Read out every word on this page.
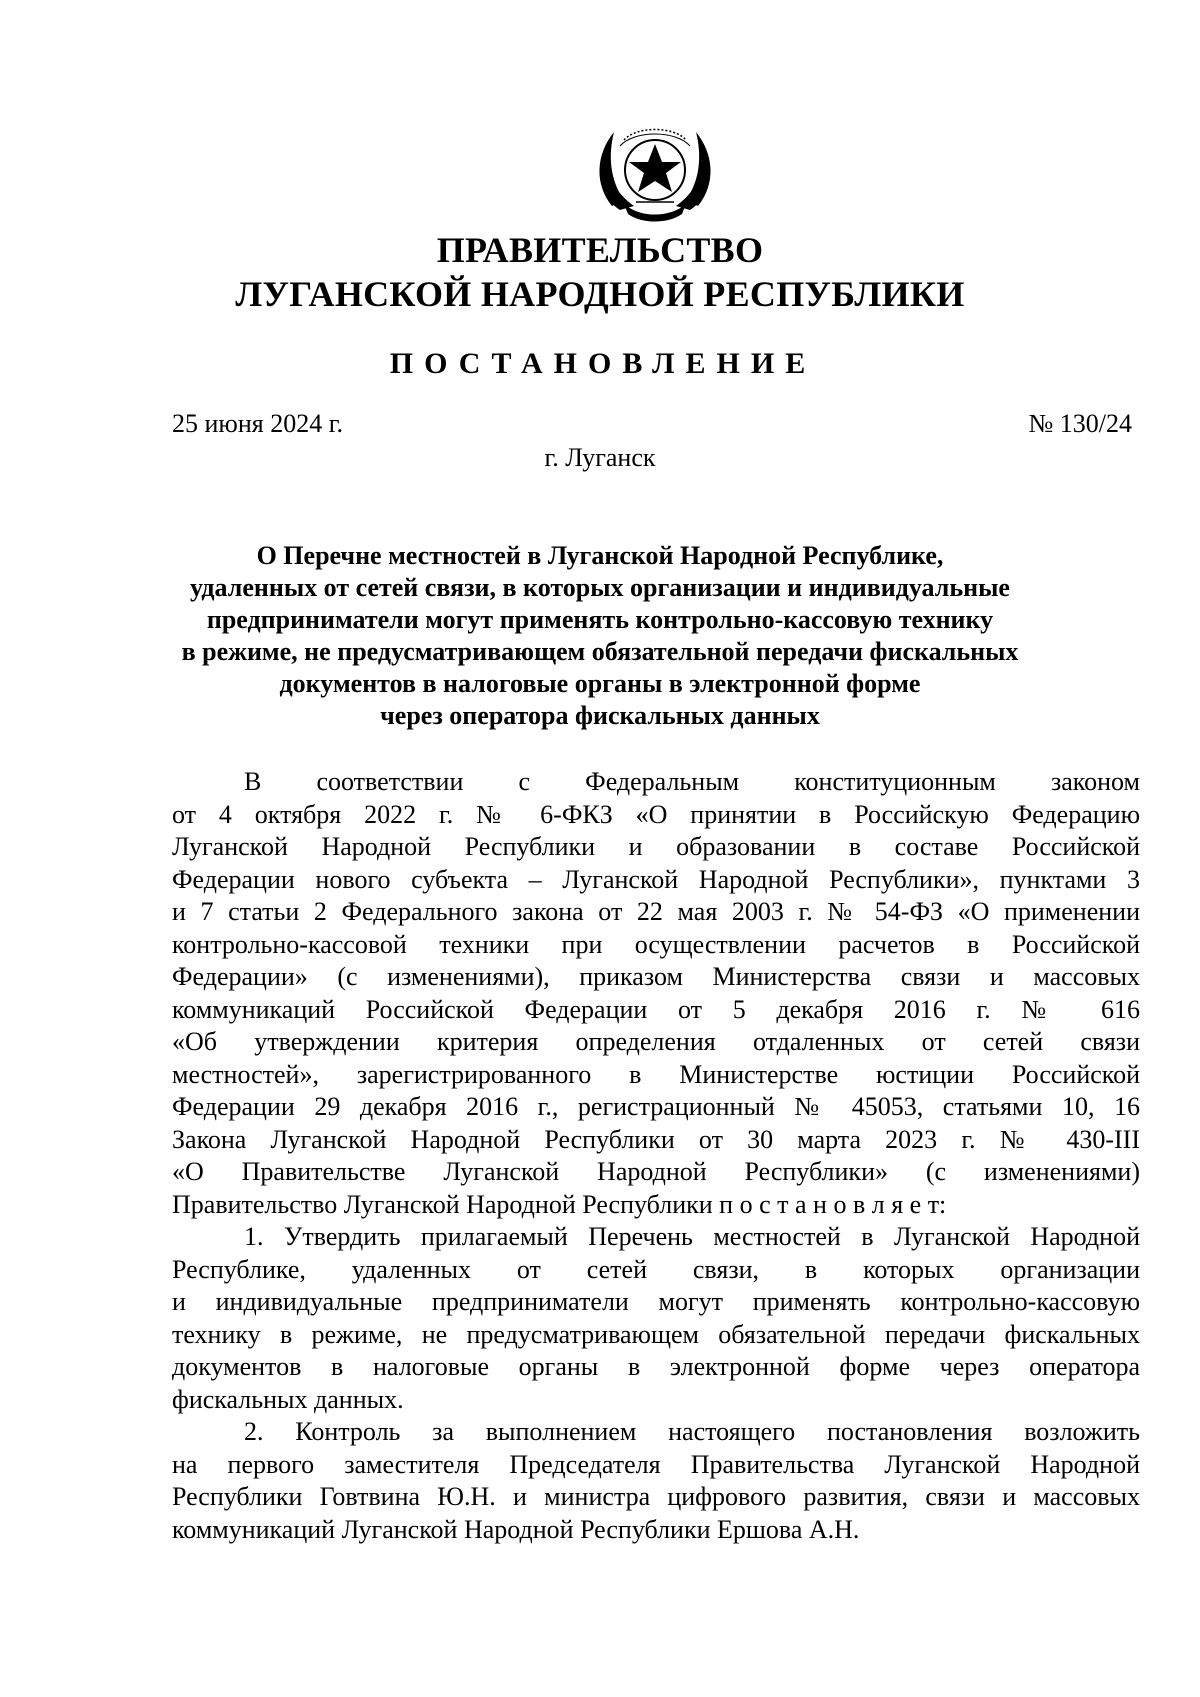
ПРАВИТЕЛЬСТВО
ЛУГАНСКОЙ НАРОДНОЙ РЕСПУБЛИКИ
ПОСТАНОВЛЕНИЕ
25 июня 2024 г.	№ 130/24
г. Луганск
О Перечне местностей в Луганской Народной Республике,
удаленных от сетей связи, в которых организации и индивидуальные
предприниматели могут применять контрольно-кассовую технику
в режиме, не предусматривающем обязательной передачи фискальных
документов в налоговые органы в электронной форме
через оператора фискальных данных
В соответствии с Федеральным конституционным законом
от 4 октября 2022 г. № 6-ФКЗ «О принятии в Российскую Федерацию
Луганской Народной Республики и образовании в составе Российской
Федерации нового субъекта – Луганской Народной Республики», пунктами 3
и 7 статьи 2 Федерального закона от 22 мая 2003 г. № 54-ФЗ «О применении
контрольно-кассовой техники при осуществлении расчетов в Российской
Федерации» (с изменениями), приказом Министерства связи и массовых
коммуникаций Российской Федерации от 5 декабря 2016 г. № 616
«Об утверждении критерия определения отдаленных от сетей связи
местностей», зарегистрированного в Министерстве юстиции Российской
Федерации 29 декабря 2016 г., регистрационный № 45053, статьями 10, 16
Закона Луганской Народной Республики от 30 марта 2023 г. № 430-III
«О Правительстве Луганской Народной Республики» (с изменениями)
Правительство Луганской Народной Республики п о с т а н о в л я е т:
1. Утвердить прилагаемый Перечень местностей в Луганской Народной
Республике, удаленных от сетей связи, в которых организации
и индивидуальные предприниматели могут применять контрольно-кассовую
технику в режиме, не предусматривающем обязательной передачи фискальных
документов в налоговые органы в электронной форме через оператора
фискальных данных.
2. Контроль за выполнением настоящего постановления возложить
на первого заместителя Председателя Правительства Луганской Народной
Республики Говтвина Ю.Н. и министра цифрового развития, связи и массовых
коммуникаций Луганской Народной Республики Ершова А.Н.
